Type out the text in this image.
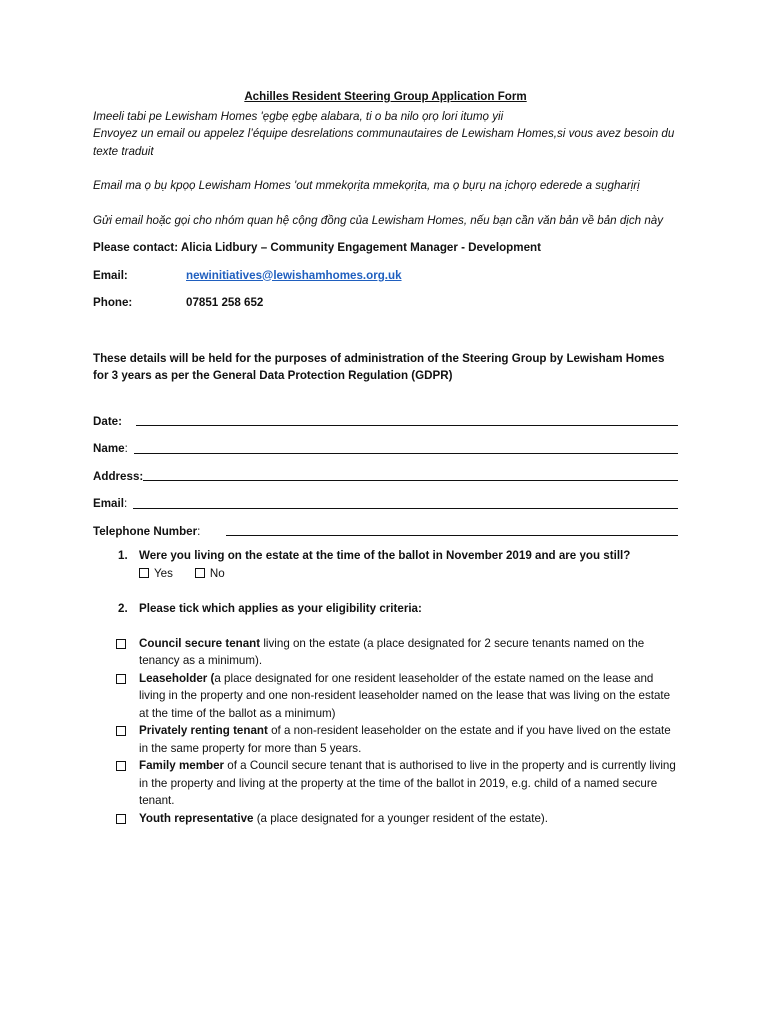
Achilles Resident Steering Group Application Form
Imeeli tabi pe Lewisham Homes 'ẹgbẹ ẹgbẹ alabara, ti o ba nilo ọrọ lori itumọ yii
Envoyez un email ou appelez l’équipe desrelations communautaires de Lewisham Homes,si vous avez besoin du texte traduit
Email ma ọ bụ kpọọ Lewisham Homes 'out mmekọrịta mmekọrịta, ma ọ bụrụ na ịchọrọ ederede a sụgharịrị
Gửi email hoặc gọi cho nhóm quan hệ cộng đồng của Lewisham Homes, nếu bạn cần văn bản về bản dịch này
Please contact: Alicia Lidbury – Community Engagement Manager - Development
Email:	newinitiatives@lewishamhomes.org.uk
Phone:	07851 258 652
These details will be held for the purposes of administration of the Steering Group by Lewisham Homes for 3 years as per the General Data Protection Regulation (GDPR)
Date:
Name:
Address:
Email:
Telephone Number:
1. Were you living on the estate at the time of the ballot in November 2019 and are you still?
Yes	No
2. Please tick which applies as your eligibility criteria:
Council secure tenant living on the estate (a place designated for 2 secure tenants named on the tenancy as a minimum).
Leaseholder (a place designated for one resident leaseholder of the estate named on the lease and living in the property and one non-resident leaseholder named on the lease that was living on the estate at the time of the ballot as a minimum)
Privately renting tenant of a non-resident leaseholder on the estate and if you have lived on the estate in the same property for more than 5 years.
Family member of a Council secure tenant that is authorised to live in the property and is currently living in the property and living at the property at the time of the ballot in 2019, e.g. child of a named secure tenant.
Youth representative (a place designated for a younger resident of the estate).
